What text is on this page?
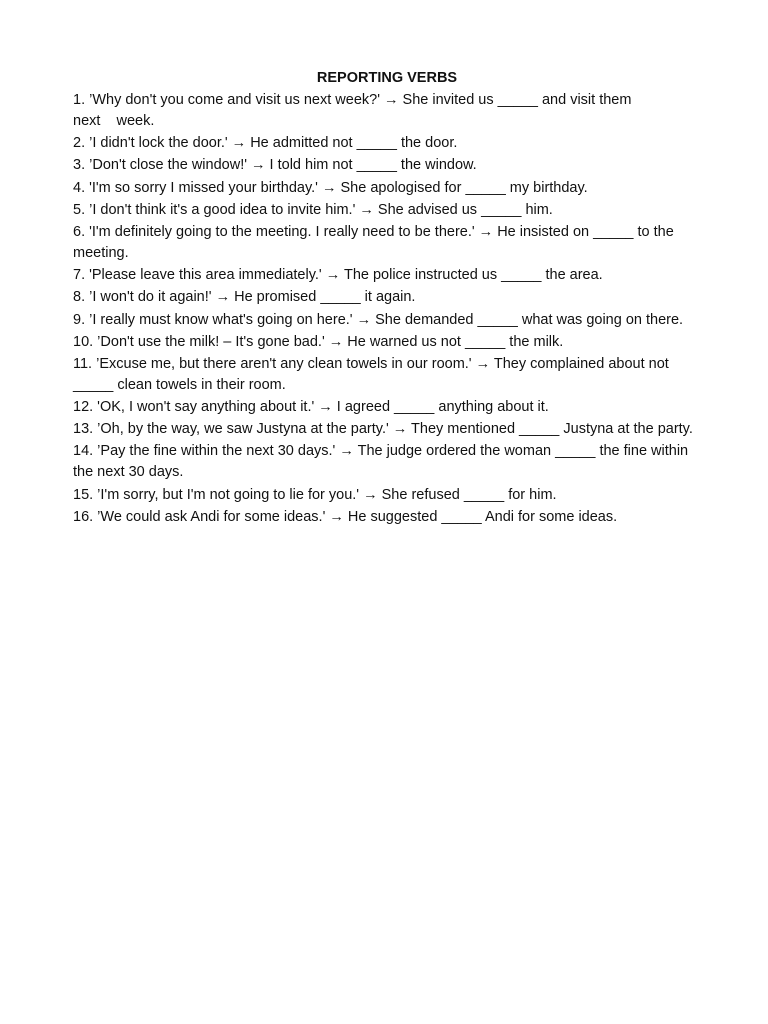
REPORTING VERBS
1. ’Why don't you come and visit us next week?' → She invited us _____ and visit them next    week.
2. ’I didn't lock the door.' → He admitted not _____ the door.
3. ’Don't close the window!' → I told him not _____ the window.
4. 'I'm so sorry I missed your birthday.' → She apologised for _____ my birthday.
5. ’I don't think it's a good idea to invite him.' → She advised us _____ him.
6. 'I'm definitely going to the meeting. I really need to be there.' → He insisted on _____ to the meeting.
7. 'Please leave this area immediately.' → The police instructed us _____ the area.
8. ’I won't do it again!' → He promised _____ it again.
9. ’I really must know what's going on here.' → She demanded _____ what was going on there.
10. ’Don't use the milk! – It's gone bad.' → He warned us not _____ the milk.
11. ’Excuse me, but there aren't any clean towels in our room.' → They complained about not _____ clean towels in their room.
12. 'OK, I won't say anything about it.' → I agreed _____ anything about it.
13. ’Oh, by the way, we saw Justyna at the party.' → They mentioned _____ Justyna at the party.
14. ’Pay the fine within the next 30 days.' → The judge ordered the woman _____ the fine within the next 30 days.
15. ’I'm sorry, but I'm not going to lie for you.' → She refused _____ for him.
16. ’We could ask Andi for some ideas.' → He suggested _____ Andi for some ideas.
